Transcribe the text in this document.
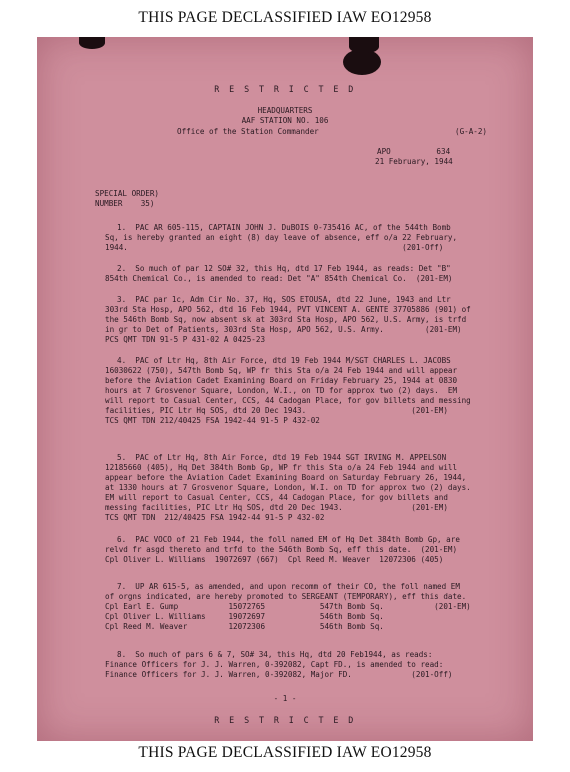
THIS PAGE DECLASSIFIED IAW EO12958
R E S T R I C T E D
HEADQUARTERS
AAF STATION NO. 106
Office of the Station Commander	(G-A-2)
APO          634
21 February, 1944
SPECIAL ORDER)
NUMBER    35)
1.  PAC AR 605-115, CAPTAIN JOHN J. DuBOIS 0-735416 AC, of the 544th Bomb
Sq, is hereby granted an eight (8) day leave of absence, eff o/a 22 February,
1944.                                                            (201-Off)
2.  So much of par 12 SO# 32, this Hq, dtd 17 Feb 1944, as reads: Det "B"
854th Chemical Co., is amended to read: Det "A" 854th Chemical Co.  (201-EM)
3.  PAC par 1c, Adm Cir No. 37, Hq, SOS ETOUSA, dtd 22 June, 1943 and Ltr
303rd Sta Hosp, APO 562, dtd 16 Feb 1944, PVT VINCENT A. GENTE 37705886 (901) of
the 546th Bomb Sq, now absent sk at 303rd Sta Hosp, APO 562, U.S. Army, is trfd
in gr to Det of Patients, 303rd Sta Hosp, APO 562, U.S. Army.         (201-EM)
PCS QMT TDN 91-5 P 431-02 A 0425-23
4.  PAC of Ltr Hq, 8th Air Force, dtd 19 Feb 1944 M/SGT CHARLES L. JACOBS
16030622 (750), 547th Bomb Sq, WP fr this Sta o/a 24 Feb 1944 and will appear
before the Aviation Cadet Examining Board on Friday February 25, 1944 at 0830
hours at 7 Grosvenor Square, London, W.I., on TD for approx two (2) days.  EM
will report to Casual Center, CCS, 44 Cadogan Place, for gov billets and messing
facilities, PIC Ltr Hq SOS, dtd 20 Dec 1943.                       (201-EM)
TCS QMT TDN 212/40425 FSA 1942-44 91-5 P 432-02
5.  PAC of Ltr Hq, 8th Air Force, dtd 19 Feb 1944 SGT IRVING M. APPELSON
12185660 (405), Hq Det 384th Bomb Gp, WP fr this Sta o/a 24 Feb 1944 and will
appear before the Aviation Cadet Examining Board on Saturday February 26, 1944,
at 1330 hours at 7 Grosvenor Square, London, W.I. on TD for approx two (2) days.
EM will report to Casual Center, CCS, 44 Cadogan Place, for gov billets and
messing facilities, PIC Ltr Hq SOS, dtd 20 Dec 1943.               (201-EM)
TCS QMT TDN  212/40425 FSA 1942-44 91-5 P 432-02
6.  PAC VOCO of 21 Feb 1944, the foll named EM of Hq Det 384th Bomb Gp, are
relvd fr asgd thereto and trfd to the 546th Bomb Sq, eff this date.  (201-EM)
Cpl Oliver L. Williams  19072697 (667)  Cpl Reed M. Weaver  12072306 (405)
7.  UP AR 615-5, as amended, and upon recomm of their CO, the foll named EM
of orgns indicated, are hereby promoted to SERGEANT (TEMPORARY), eff this date.
Cpl Earl E. Gump           15072765            547th Bomb Sq.           (201-EM)
Cpl Oliver L. Williams     19072697            546th Bomb Sq.
Cpl Reed M. Weaver         12072306            546th Bomb Sq.
8.  So much of pars 6 & 7, SO# 34, this Hq, dtd 20 Feb1944, as reads:
Finance Officers for J. J. Warren, 0-392082, Capt FD., is amended to read:
Finance Officers for J. J. Warren, 0-392082, Major FD.             (201-Off)
- 1 -
R E S T R I C T E D
THIS PAGE DECLASSIFIED IAW EO12958
